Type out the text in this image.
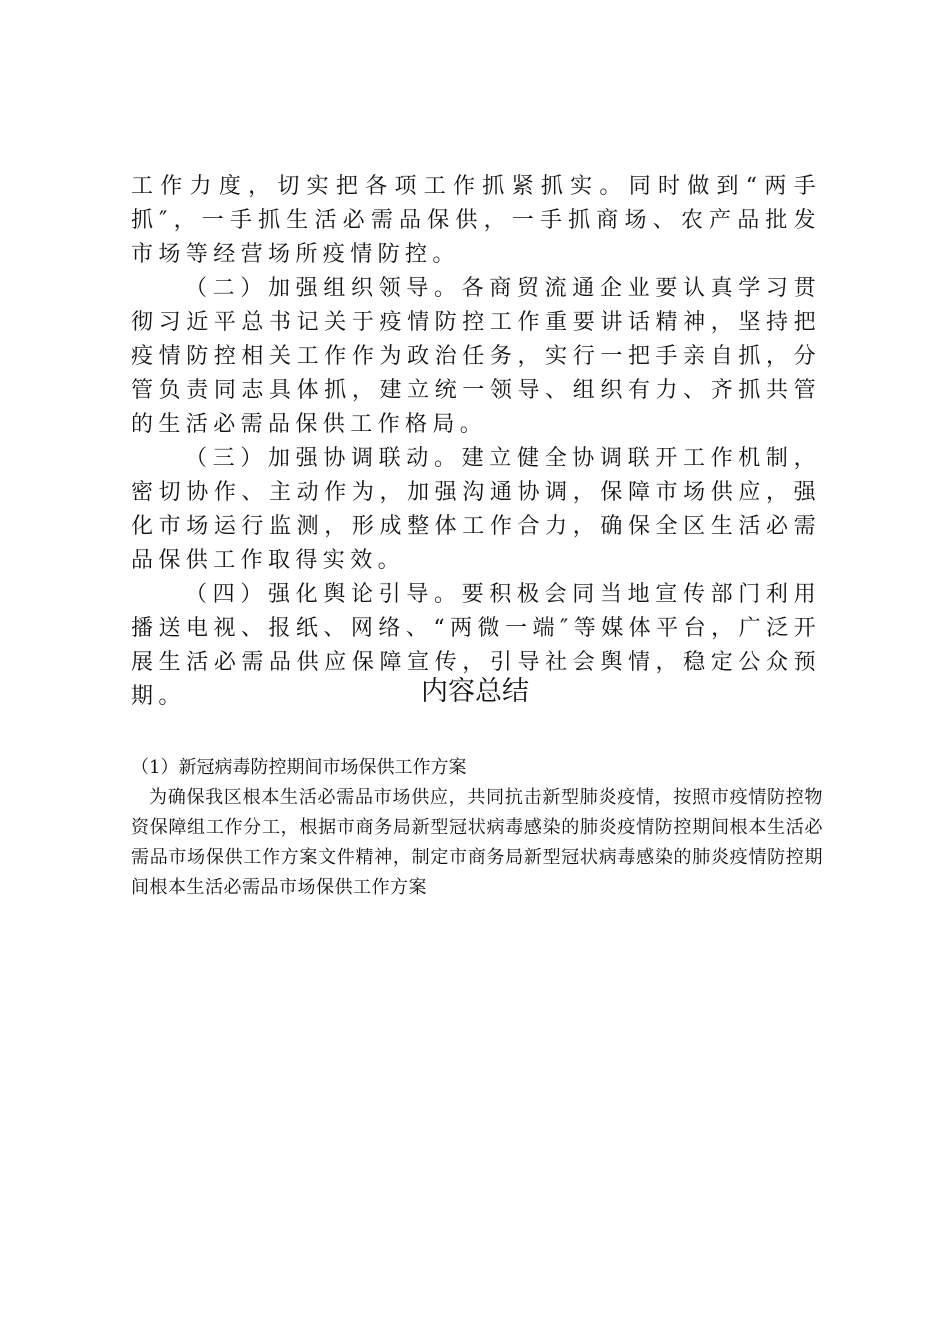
工作力度，切实把各项工作抓紧抓实。同时做到“两手抓″，一手抓生活必需品保供，一手抓商场、农产品批发市场等经营场所疫情防控。

（二）加强组织领导。各商贸流通企业要认真学习贯彻习近平总书记关于疫情防控工作重要讲话精神，坚持把疫情防控相关工作作为政治任务，实行一把手亲自抓，分管负责同志具体抓，建立统一领导、组织有力、齐抓共管的生活必需品保供工作格局。

（三）加强协调联动。建立健全协调联开工作机制，密切协作、主动作为，加强沟通协调，保障市场供应，强化市场运行监测，形成整体工作合力，确保全区生活必需品保供工作取得实效。

（四）强化舆论引导。要积极会同当地宣传部门利用播送电视、报纸、网络、“两微一端″等媒体平台，广泛开展生活必需品供应保障宣传，引导社会舆情，稳定公众预期。	内容总结

（1）新冠病毒防控期间市场保供工作方案

为确保我区根本生活必需品市场供应，共同抗击新型肺炎疫情，按照市疫情防控物资保障组工作分工，根据市商务局新型冠状病毒感染的肺炎疫情防控期间根本生活必需品市场保供工作方案文件精神，制定市商务局新型冠状病毒感染的肺炎疫情防控期间根本生活必需品市场保供工作方案
